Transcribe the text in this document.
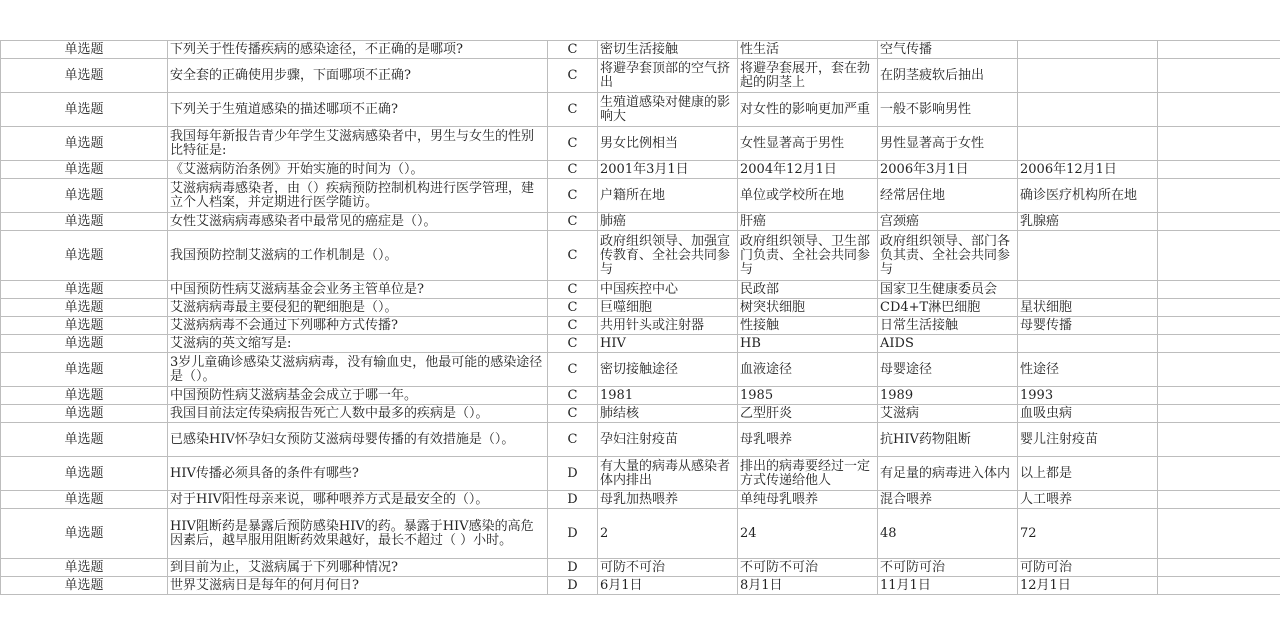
单选题	下列关于性传播疾病的感染途径，不正确的是哪项?	C	密切生活接触	性生活	空气传播		
单选题	安全套的正确使用步骤，下面哪项不正确?	C	将避孕套顶部的空气挤出	将避孕套展开，套在勃起的阴茎上	在阴茎疲软后抽出		
单选题	下列关于生殖道感染的描述哪项不正确?	C	生殖道感染对健康的影响大	对女性的影响更加严重	一般不影响男性		
单选题	我国每年新报告青少年学生艾滋病感染者中，男生与女生的性别比特征是:	C	男女比例相当	女性显著高于男性	男性显著高于女性		
单选题	《艾滋病防治条例》开始实施的时间为（）。	C	2001年3月1日	2004年12月1日	2006年3月1日	2006年12月1日	
单选题	艾滋病病毒感染者，由（）疾病预防控制机构进行医学管理，建立个人档案，并定期进行医学随访。	C	户籍所在地	单位或学校所在地	经常居住地	确诊医疗机构所在地	
单选题	女性艾滋病病毒感染者中最常见的癌症是（）。	C	肺癌	肝癌	宫颈癌	乳腺癌	
单选题	我国预防控制艾滋病的工作机制是（）。	C	政府组织领导、加强宣传教育、全社会共同参与	政府组织领导、卫生部门负责、全社会共同参与	政府组织领导、部门各负其责、全社会共同参与		
单选题	中国预防性病艾滋病基金会业务主管单位是?	C	中国疾控中心	民政部	国家卫生健康委员会		
单选题	艾滋病病毒最主要侵犯的靶细胞是（）。	C	巨噬细胞	树突状细胞	CD4+T淋巴细胞	星状细胞	
单选题	艾滋病病毒不会通过下列哪种方式传播?	C	共用针头或注射器	性接触	日常生活接触	母婴传播	
单选题	艾滋病的英文缩写是:	C	HIV	HB	AIDS		
单选题	3岁儿童确诊感染艾滋病病毒，没有输血史，他最可能的感染途径是（）。	C	密切接触途径	血液途径	母婴途径	性途径	
单选题	中国预防性病艾滋病基金会成立于哪一年。	C	1981	1985	1989	1993	
单选题	我国目前法定传染病报告死亡人数中最多的疾病是（）。	C	肺结核	乙型肝炎	艾滋病	血吸虫病	
单选题	已感染HIV怀孕妇女预防艾滋病母婴传播的有效措施是（）。	C	孕妇注射疫苗	母乳喂养	抗HIV药物阻断	婴儿注射疫苗	
单选题	HIV传播必须具备的条件有哪些?	D	有大量的病毒从感染者体内排出	排出的病毒要经过一定方式传递给他人	有足量的病毒进入体内	以上都是	
单选题	对于HIV阳性母亲来说，哪种喂养方式是最安全的（）。	D	母乳加热喂养	单纯母乳喂养	混合喂养	人工喂养	
单选题	HIV阻断药是暴露后预防感染HIV的药。暴露于HIV感染的高危因素后，越早服用阻断药效果越好，最长不超过（ ）小时。	D	2	24	48	72	
单选题	到目前为止，艾滋病属于下列哪种情况?	D	可防不可治	不可防不可治	不可防可治	可防可治	
单选题	世界艾滋病日是每年的何月何日?	D	6月1日	8月1日	11月1日	12月1日	
